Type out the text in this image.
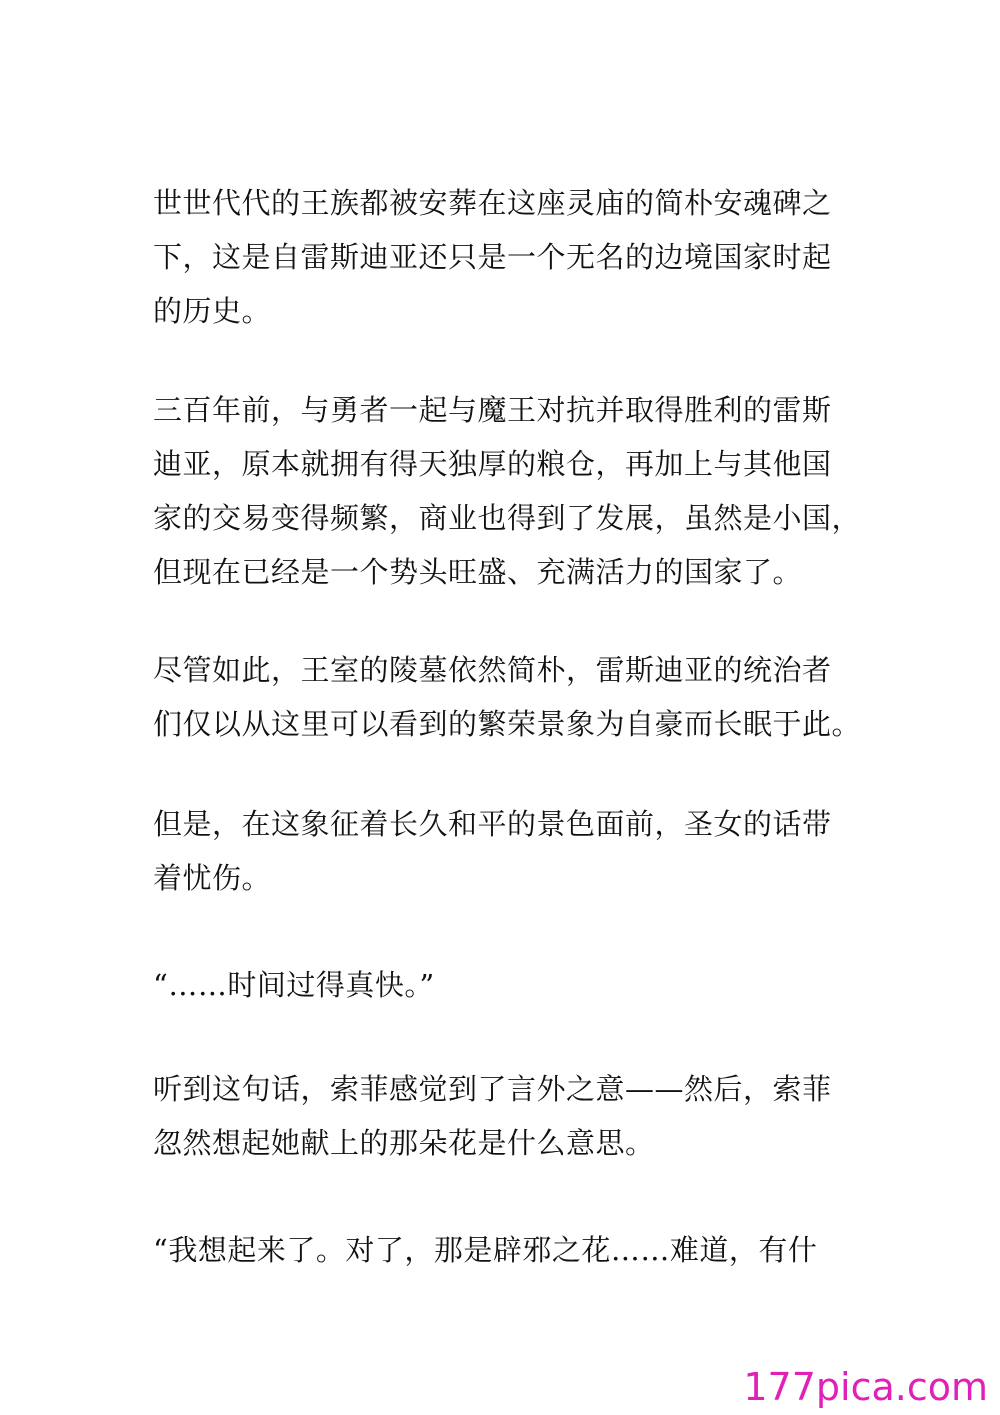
世世代代的王族都被安葬在这座灵庙的简朴安魂碑之
下，这是自雷斯迪亚还只是一个无名的边境国家时起
的历史。
三百年前，与勇者一起与魔王对抗并取得胜利的雷斯
迪亚，原本就拥有得天独厚的粮仓，再加上与其他国
家的交易变得频繁，商业也得到了发展，虽然是小国，
但现在已经是一个势头旺盛、充满活力的国家了。
尽管如此，王室的陵墓依然简朴，雷斯迪亚的统治者
们仅以从这里可以看到的繁荣景象为自豪而长眠于此。
但是，在这象征着长久和平的景色面前，圣女的话带
着忧伤。
“……时间过得真快。”
听到这句话，索菲感觉到了言外之意——然后，索菲
忽然想起她献上的那朵花是什么意思。
“我想起来了。对了，那是辟邪之花……难道，有什
177pica.com
